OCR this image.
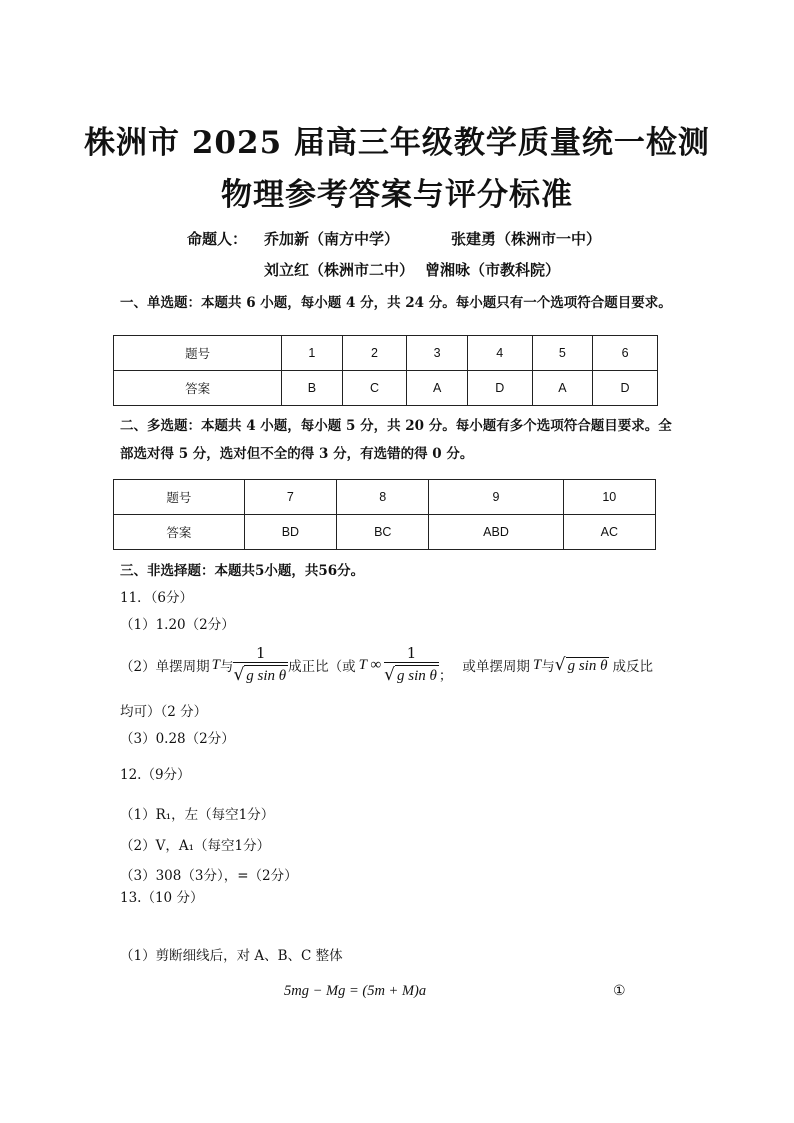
株洲市 2025 届高三年级教学质量统一检测
物理参考答案与评分标准
命题人： 乔加新（南方中学）	张建勇（株洲市一中）
刘立红（株洲市二中） 曾湘咏（市教科院）
一、单选题：本题共 6 小题，每小题 4 分，共 24 分。每小题只有一个选项符合题目要求。
题号	1	2	3	4	5	6
答案	B	C	A	D	A	D
二、多选题：本题共 4 小题，每小题 5 分，共 20 分。每小题有多个选项符合题目要求。全
部选对得 5 分，选对但不全的得 3 分，有选错的得 0 分。
题号	7	8	9	10
答案	BD	BC	ABD	AC
三、非选择题：本题共5小题，共56分。
11．（6分）
（1）1.20（2分）
（2）单摆周期 T 与 $\frac{1}{\text{√ g sin θ}}$ 成正比（或 T ∞ $\frac{1}{\text{√ g sin θ}}$ ；
或单摆周期 T 与 √ g sin θ 成反比
均可）（2 分）
（3）0.28（2分）
12.（9分）
（1）R₁，左（每空1分）
（2）V，A₁（每空1分）
（3）308（3分），=（2分）
13.（10 分）
（1）剪断细线后，对 A、B、C 整体
5mg − Mg = (5m + M)a	①
